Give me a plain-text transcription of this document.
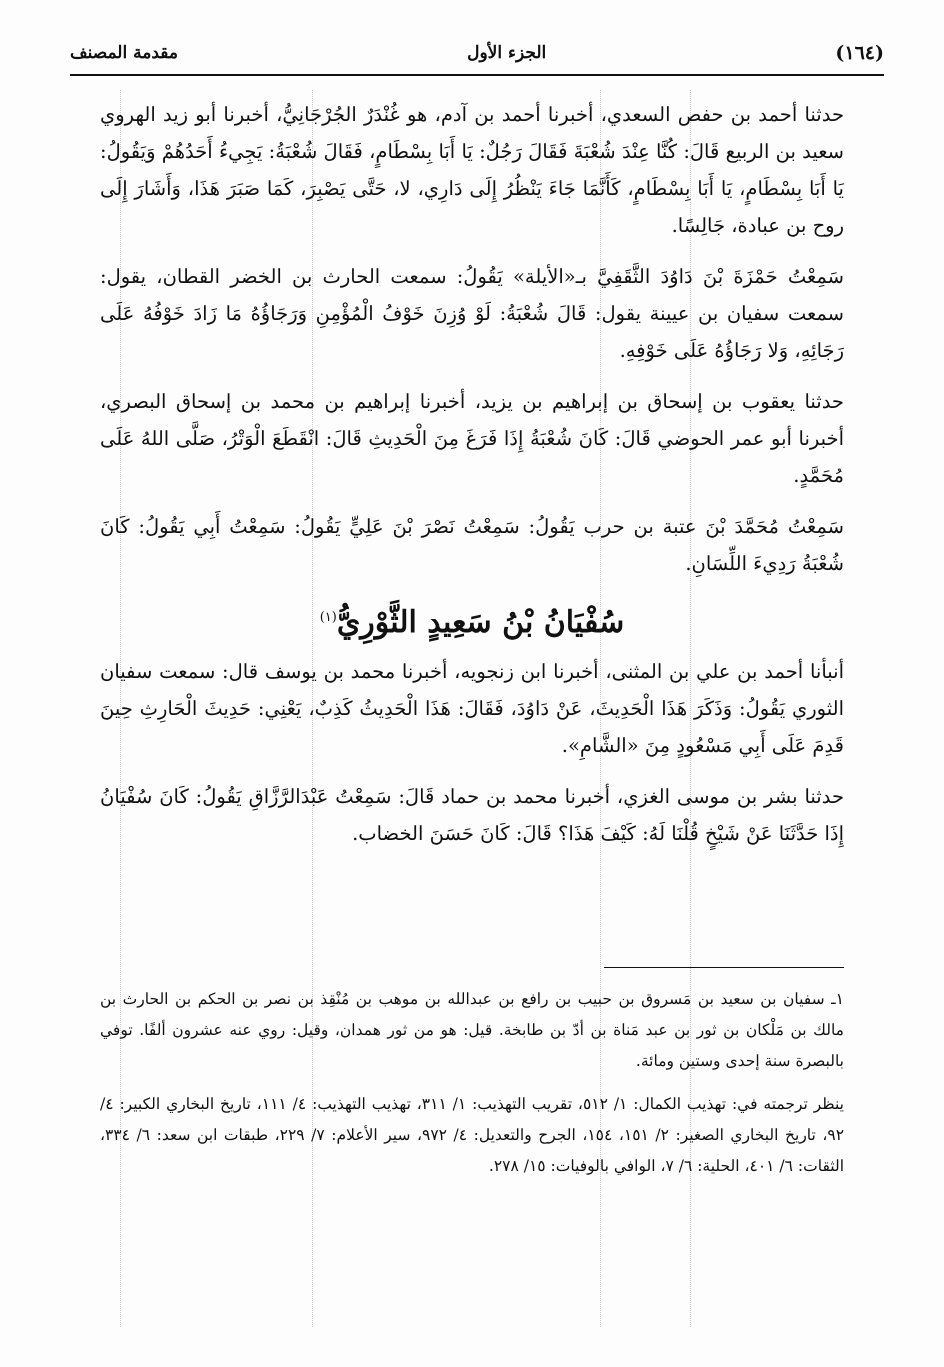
(١٦٤)
الجزء الأول
مقدمة المصنف

حدثنا أحمد بن حفص السعدي، أخبرنا أحمد بن آدم، هو غُنْدَرٌ الجُرْجَانِيُّ، أخبرنا أبو زيد الهروي سعيد بن الربيع قَالَ: كُنَّا عِنْدَ شُعْبَةَ فَقَالَ رَجُلٌ: يَا أَبَا بِسْطَامٍ، فَقَالَ شُعْبَةُ: يَجِيءُ أَحَدُهُمْ وَيَقُولُ: يَا أَبَا بِسْطَامٍ، يَا أَبَا بِسْطَامٍ، كَأَنَّمَا جَاءَ يَنْظُرُ إِلَى دَارِي، لا، حَتَّى يَصْبِرَ، كَمَا صَبَرَ هَذَا، وَأَشَارَ إِلَى روح بن عبادة، جَالِسًا.

سَمِعْتُ حَمْزَةَ بْنَ دَاوُدَ الثَّقَفِيَّ بـ«الأيلة» يَقُولُ: سمعت الحارث بن الخضر القطان، يقول: سمعت سفيان بن عيينة يقول: قَالَ شُعْبَةُ: لَوْ وُزِنَ خَوْفُ الْمُؤْمِنِ وَرَجَاؤُهُ مَا زَادَ خَوْفُهُ عَلَى رَجَائِهِ، وَلا رَجَاؤُهُ عَلَى خَوْفِهِ.

حدثنا يعقوب بن إسحاق بن إبراهيم بن يزيد، أخبرنا إبراهيم بن محمد بن إسحاق البصري، أخبرنا أبو عمر الحوضي قَالَ: كَانَ شُعْبَةُ إِذَا فَرَغَ مِنَ الْحَدِيثِ قَالَ: انْقَطَعَ الْوَتْرُ، صَلَّى اللهُ عَلَى مُحَمَّدٍ.

سَمِعْتُ مُحَمَّدَ بْنَ عتبة بن حرب يَقُولُ: سَمِعْتُ نَصْرَ بْنَ عَلِيٍّ يَقُولُ: سَمِعْتُ أَبِي يَقُولُ: كَانَ شُعْبَةُ رَدِيءَ اللِّسَانِ.

سُفْيَانُ بْنُ سَعِيدٍ الثَّوْرِيُّ$^{(١)}$

أنبأنا أحمد بن علي بن المثنى، أخبرنا ابن زنجويه، أخبرنا محمد بن يوسف قال: سمعت سفيان الثوري يَقُولُ: وَذَكَرَ هَذَا الْحَدِيثَ، عَنْ دَاوُدَ، فَقَالَ: هَذَا الْحَدِيثُ كَذِبٌ، يَعْنِي: حَدِيثَ الْحَارِثِ حِينَ قَدِمَ عَلَى أَبِي مَسْعُودٍ مِنَ «الشَّامِ».

حدثنا بشر بن موسى الغزي، أخبرنا محمد بن حماد قَالَ: سَمِعْتُ عَبْدَالرَّزَّاقِ يَقُولُ: كَانَ سُفْيَانُ إِذَا حَدَّثَنَا عَنْ شَيْخٍ قُلْنَا لَهُ: كَيْفَ هَذَا؟ قَالَ: كَانَ حَسَنَ الخضاب.

١ـ سفيان بن سعيد بن مَسروق بن حبيب بن رافع بن عبدالله بن موهب بن مُنْقِذ بن نصر بن الحكم بن الحارث بن مالك بن مَلْكان بن ثور بن عبد مَناة بن أدّ بن طابخة. قيل: هو من ثور همدان، وقيل: روي عنه عشرون ألفًا. توفي بالبصرة سنة إحدى وستين ومائة.

ينظر ترجمته في: تهذيب الكمال: ١/ ٥١٢، تقريب التهذيب: ١/ ٣١١، تهذيب التهذيب: ٤/ ١١١، تاريخ البخاري الكبير: ٤/ ٩٢، تاريخ البخاري الصغير: ٢/ ١٥١، ١٥٤، الجرح والتعديل: ٤/ ٩٧٢، سير الأعلام: ٧/ ٢٢٩، طبقات ابن سعد: ٦/ ٣٣٤، الثقات: ٦/ ٤٠١، الحلية: ٦/ ٧، الوافي بالوفيات: ١٥/ ٢٧٨.
